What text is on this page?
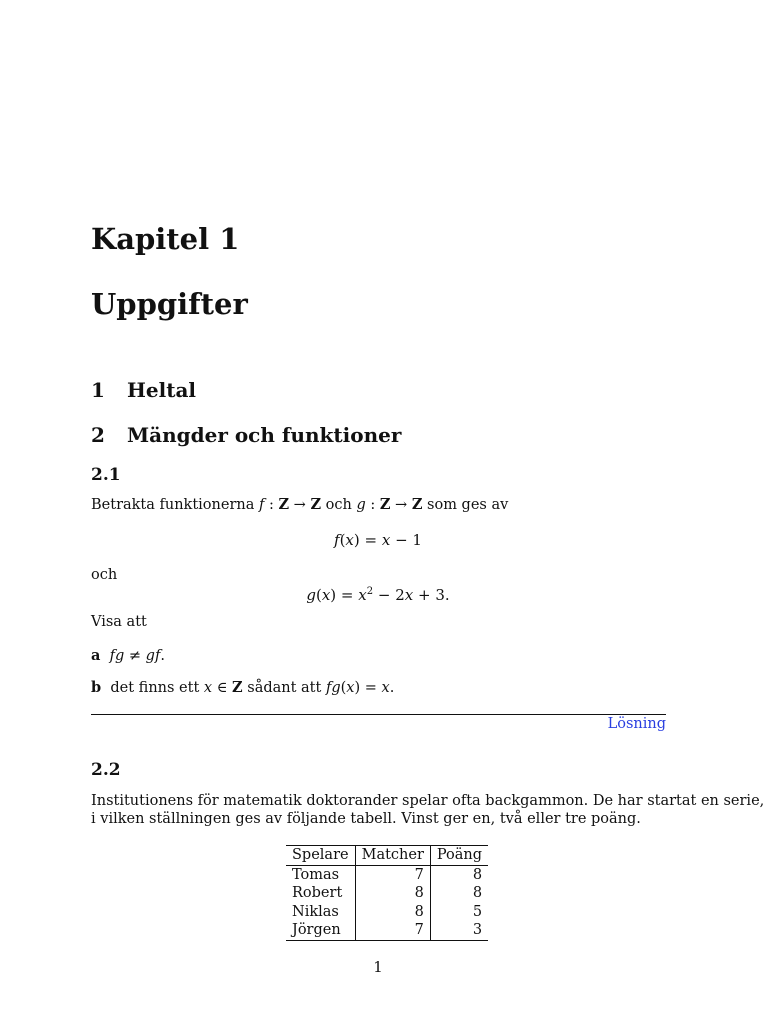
Kapitel 1
Uppgifter
1 Heltal
2 Mängder och funktioner
2.1

Betrakta funktionerna f : Z → Z och g : Z → Z som ges av

f(x) = x − 1

och

$g(x) = x^2 - 2x + 3$.

Visa att

a fg ≠ gf.

b det finns ett x ∈ Z sådant att fg(x) = x.

Lösning
2.2

Institutionens för matematik doktorander spelar ofta backgammon. De har startat en serie,

i vilken ställningen ges av följande tabell. Vinst ger en, två eller tre poäng.

Spelare	Matcher	Poäng
Tomas	7	8
Robert	8	8
Niklas	8	5
Jörgen	7	3
1
